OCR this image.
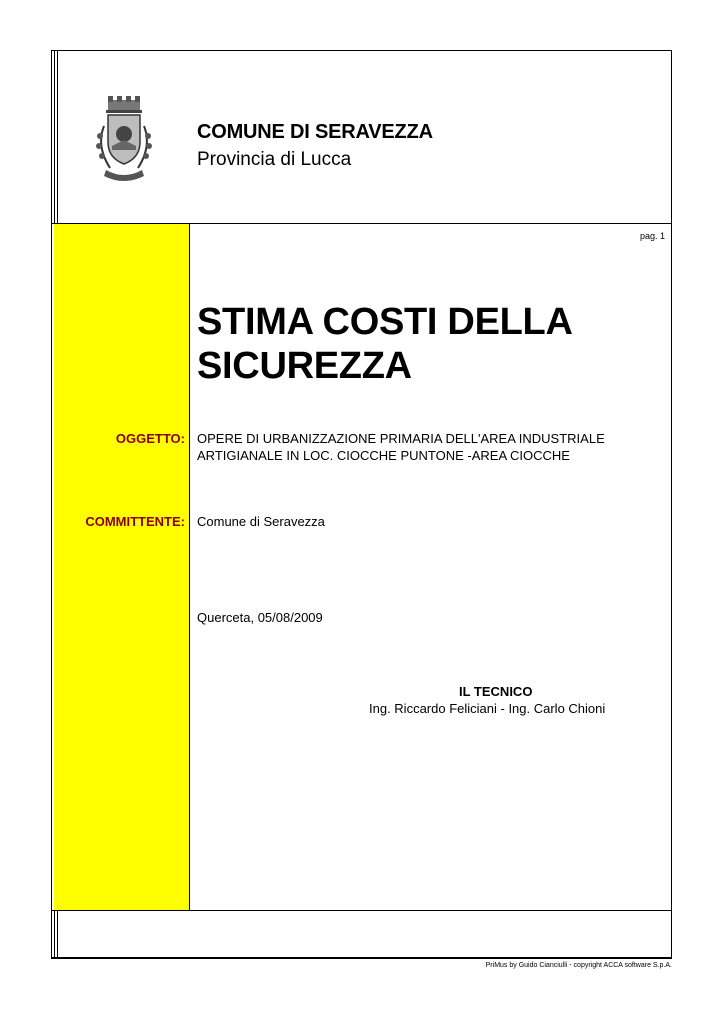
COMUNE DI SERAVEZZA
Provincia di Lucca
pag. 1
STIMA COSTI DELLA
SICUREZZA
OGGETTO: OPERE DI URBANIZZAZIONE PRIMARIA DELL'AREA INDUSTRIALE
ARTIGIANALE IN LOC. CIOCCHE PUNTONE -AREA CIOCCHE
COMMITTENTE: Comune di Seravezza
Querceta, 05/08/2009
IL TECNICO
Ing. Riccardo Feliciani - Ing. Carlo Chioni
PriMus by Guido Cianciulli - copyright ACCA software S.p.A.
